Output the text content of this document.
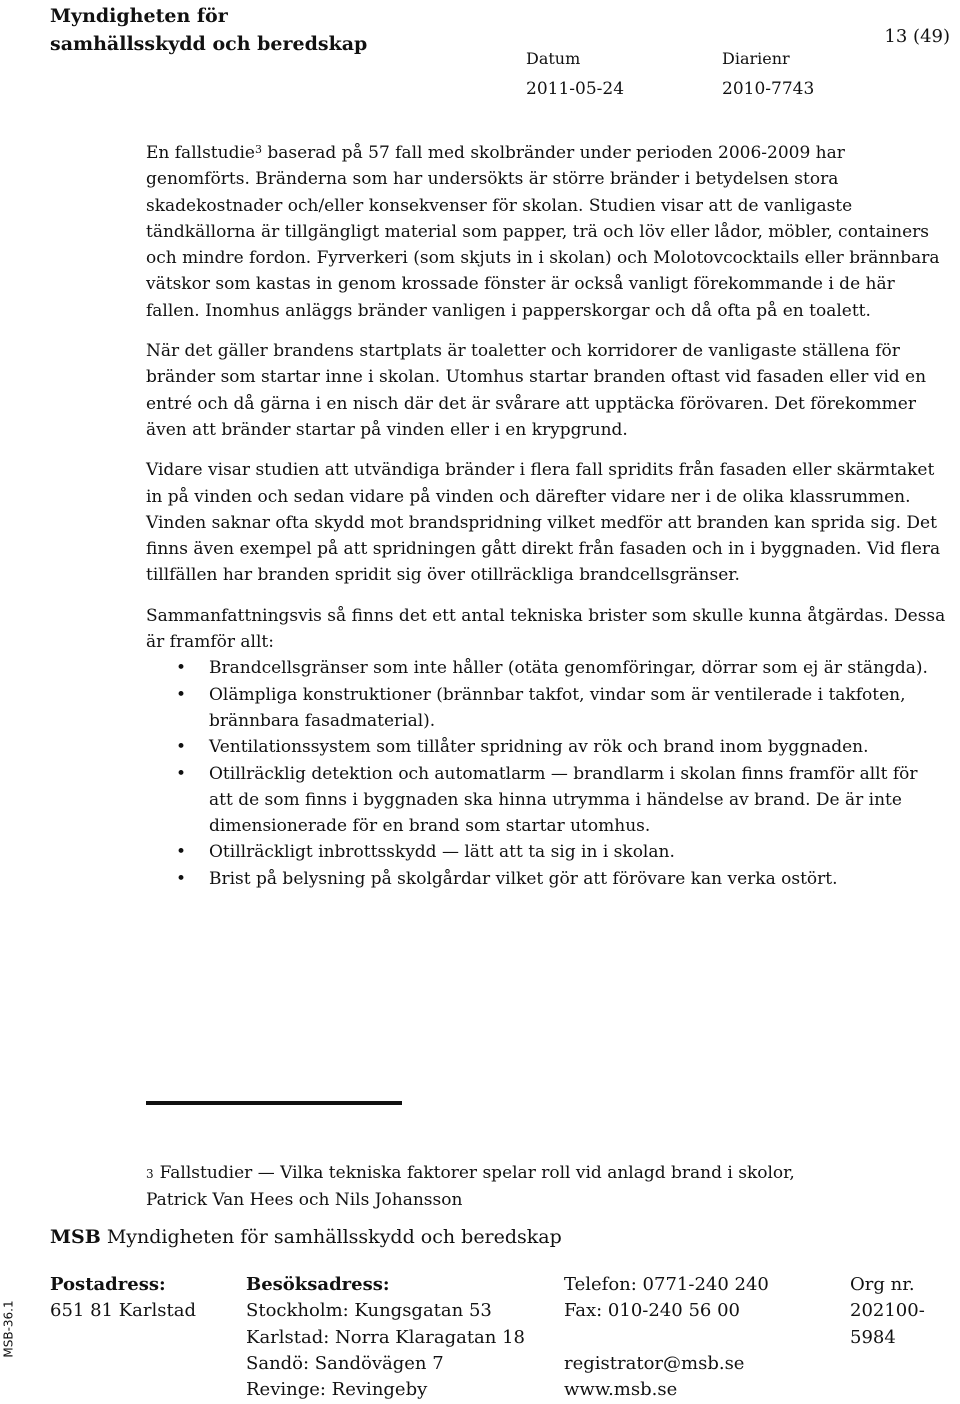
Myndigheten för
samhällsskydd och beredskap	13 (49)
Datum
2011-05-24
Diarienr
2010-7743

En fallstudie$^3$ baserad på 57 fall med skolbränder under perioden 2006-2009 har genomförts. Bränderna som har undersökts är större bränder i betydelsen stora skadekostnader och/eller konsekvenser för skolan. Studien visar att de vanligaste tändkällorna är tillgängligt material som papper, trä och löv eller lådor, möbler, containers och mindre fordon. Fyrverkeri (som skjuts in i skolan) och Molotovcocktails eller brännbara vätskor som kastas in genom krossade fönster är också vanligt förekommande i de här fallen. Inomhus anläggs bränder vanligen i papperskorgar och då ofta på en toalett.

När det gäller brandens startplats är toaletter och korridorer de vanligaste ställena för bränder som startar inne i skolan. Utomhus startar branden oftast vid fasaden eller vid en entré och då gärna i en nisch där det är svårare att upptäcka förövaren. Det förekommer även att bränder startar på vinden eller i en krypgrund.

Vidare visar studien att utvändiga bränder i flera fall spridits från fasaden eller skärmtaket in på vinden och sedan vidare på vinden och därefter vidare ner i de olika klassrummen. Vinden saknar ofta skydd mot brandspridning vilket medför att branden kan sprida sig. Det finns även exempel på att spridningen gått direkt från fasaden och in i byggnaden. Vid flera tillfällen har branden spridit sig över otillräckliga brandcellsgränser.

Sammanfattningsvis så finns det ett antal tekniska brister som skulle kunna åtgärdas. Dessa är framför allt:

• Brandcellsgränser som inte håller (otäta genomföringar, dörrar som ej är stängda).
• Olämpliga konstruktioner (brännbar takfot, vindar som är ventilerade i takfoten, brännbara fasadmaterial).
• Ventilationssystem som tillåter spridning av rök och brand inom byggnaden.
• Otillräcklig detektion och automatlarm — brandlarm i skolan finns framför allt för att de som finns i byggnaden ska hinna utrymma i händelse av brand. De är inte dimensionerade för en brand som startar utomhus.
• Otillräckligt inbrottsskydd — lätt att ta sig in i skolan.
• Brist på belysning på skolgårdar vilket gör att förövare kan verka ostört.
3 Fallstudier — Vilka tekniska faktorer spelar roll vid anlagd brand i skolor,
Patrick Van Hees och Nils Johansson
MSB Myndigheten för samhällsskydd och beredskap
Postadress:
651 81 Karlstad
Besöksadress:
Stockholm: Kungsgatan 53
Karlstad: Norra Klaragatan 18
Sandö: Sandövägen 7
Revinge: Revingeby
Telefon: 0771-240 240
Fax: 010-240 56 00

registrator@msb.se
www.msb.se
Org nr.
202100-
5984
MSB-36.1
